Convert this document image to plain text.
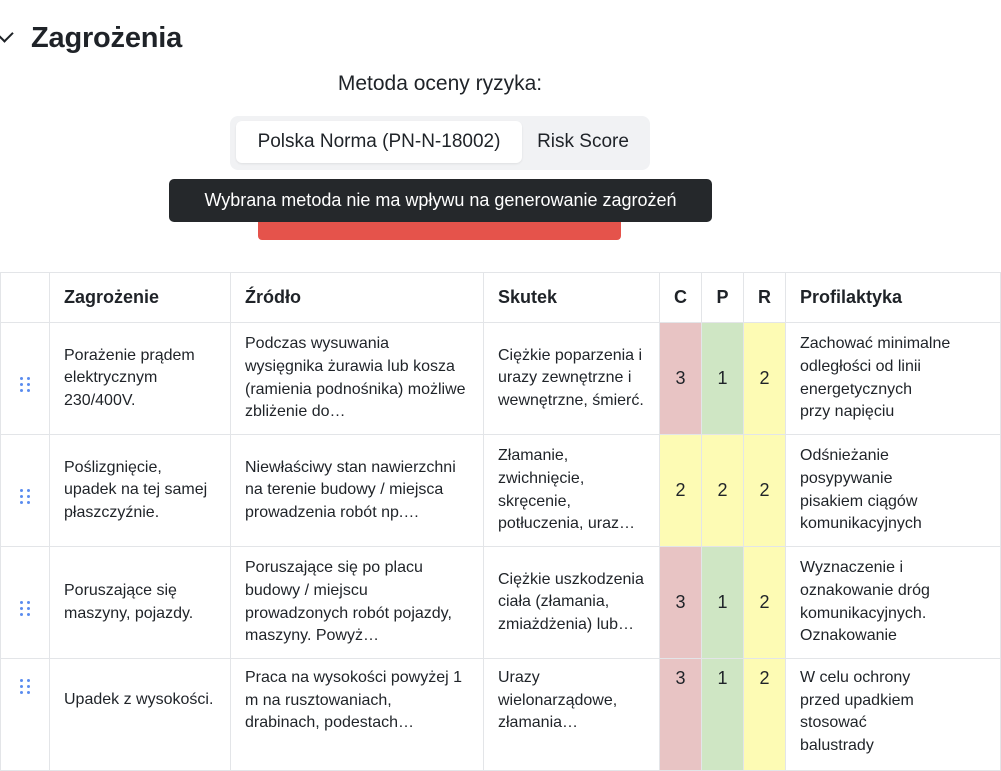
Zagrożenia
Metoda oceny ryzyka:
Polska Norma (PN-N-18002)	Risk Score
Wybrana metoda nie ma wpływu na generowanie zagrożeń
	Zagrożenie	Źródło	Skutek	C	P	R	Profilaktyka

	Porażenie prądem elektrycznym 230/400V.	Podczas wysuwania wysięgnika żurawia lub kosza (ramienia podnośnika) możliwe zbliżenie do…	Ciężkie poparzenia i urazy zewnętrzne i wewnętrzne, śmierć.	3	1	2	Zachować minimalne
odległości od linii
energetycznych
przy napięciu

	Poślizgnięcie, upadek na tej samej płaszczyźnie.	Niewłaściwy stan nawierzchni na terenie budowy / miejsca prowadzenia robót np.…	Złamanie, zwichnięcie, skręcenie, potłuczenia, uraz…	2	2	2	Odśnieżanie
posypywanie
pisakiem ciągów
komunikacyjnych

	Poruszające się maszyny, pojazdy.	Poruszające się po placu budowy / miejscu prowadzonych robót pojazdy, maszyny. Powyż…	Ciężkie uszkodzenia ciała (złamania, zmiażdżenia) lub…	3	1	2	Wyznaczenie i
oznakowanie dróg
komunikacyjnych.
Oznakowanie

	Upadek z wysokości.	Praca na wysokości powyżej 1 m na rusztowaniach, drabinach, podestach…	Urazy wielonarządowe, złamania…	3	1	2	W celu ochrony
przed upadkiem
stosować
balustrady
